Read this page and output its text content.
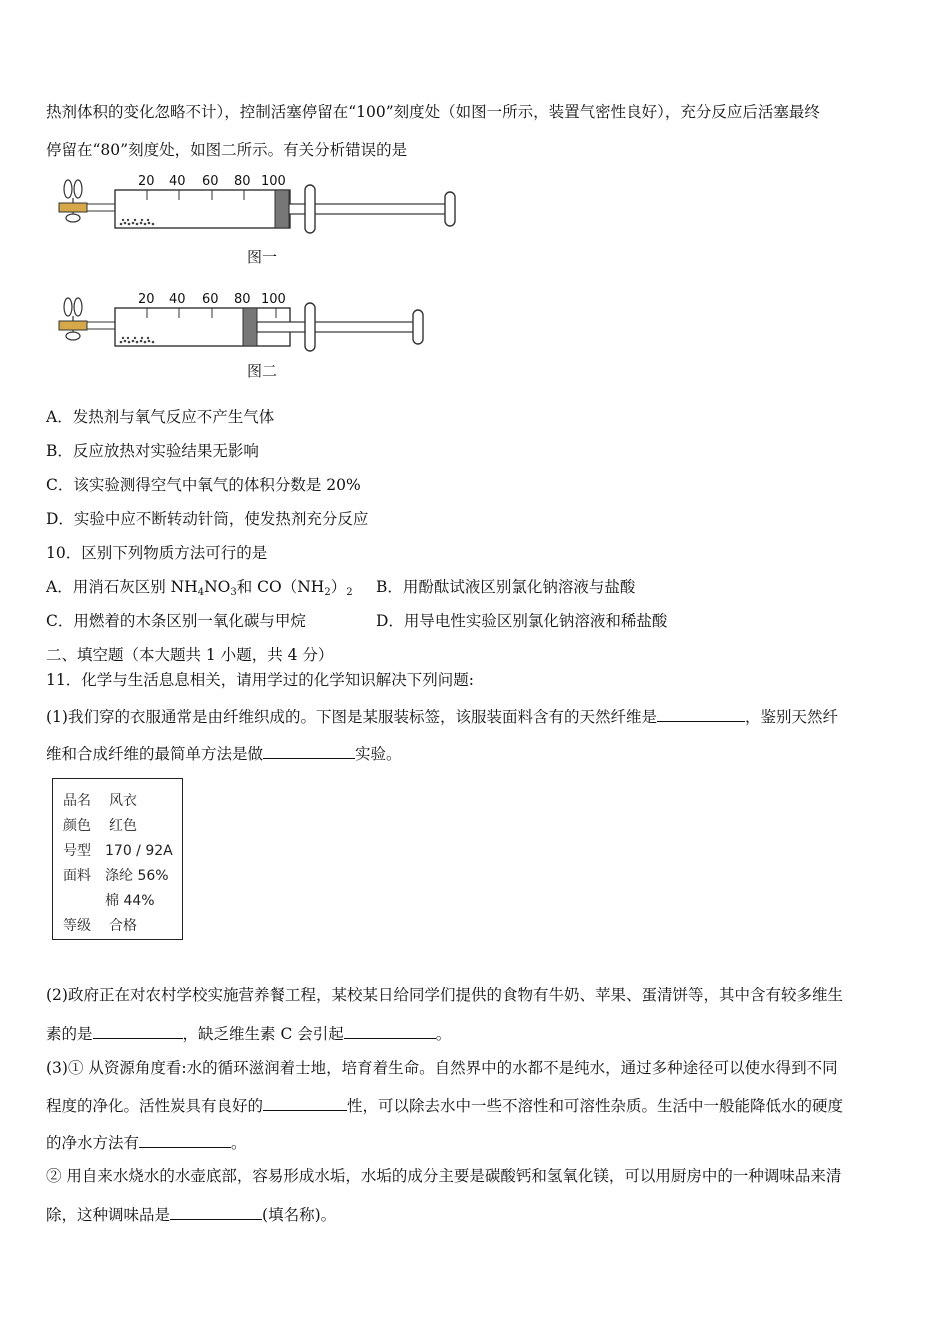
热剂体积的变化忽略不计），控制活塞停留在“100”刻度处（如图一所示，装置气密性良好），充分反应后活塞最终
停留在“80”刻度处，如图二所示。有关分析错误的是
20 40 60 80 100
图一
20 40 60 80 100
图二
A．发热剂与氧气反应不产生气体
B．反应放热对实验结果无影响
C．该实验测得空气中氧气的体积分数是 20%
D．实验中应不断转动针筒，使发热剂充分反应
10．区别下列物质方法可行的是
A．用消石灰区别 $NH_4NO_3$和 $CO(NH_2)_2$ B．用酚酞试液区别氯化钠溶液与盐酸
C．用燃着的木条区别一氧化碳与甲烷	D．用导电性实验区别氯化钠溶液和稀盐酸
二、填空题（本大题共 1 小题，共 4 分）
11．化学与生活息息相关，请用学过的化学知识解决下列问题:
(1)我们穿的衣服通常是由纤维织成的。下图是某服装标签，该服装面料含有的天然纤维是	，鉴别天然纤
维和合成纤维的最简单方法是做	实验。
品名 风衣
颜色 红色
号型 170 / 92A
面料 涤纶 56%
棉 44%
等级 合格
(2)政府正在对农村学校实施营养餐工程，某校某日给同学们提供的食物有牛奶、苹果、蛋清饼等，其中含有较多维生
素的是	，缺乏维生素 C 会引起	。
(3)① 从资源角度看:水的循环滋润着士地，培育着生命。自然界中的水都不是纯水，通过多种途径可以使水得到不同
程度的净化。活性炭具有良好的	性，可以除去水中一些不溶性和可溶性杂质。生活中一般能降低水的硬度
的净水方法有	。
② 用自来水烧水的水壶底部，容易形成水垢，水垢的成分主要是碳酸钙和氢氧化镁，可以用厨房中的一种调味品来清
除，这种调味品是	(填名称)。
